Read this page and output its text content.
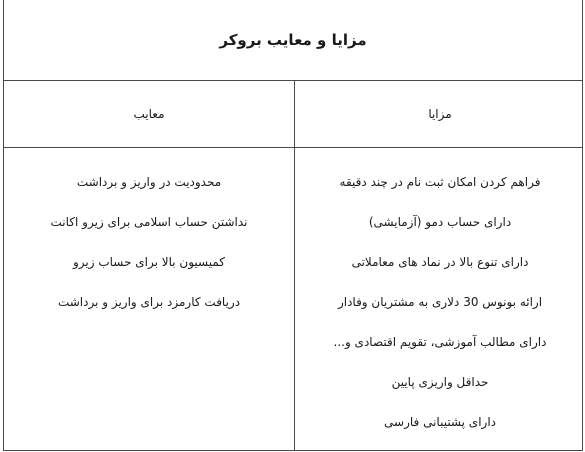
مزایا و معایب بروکر
معایب	مزایا
محدودیت در واریز و برداشت
نداشتن حساب اسلامی برای زیرو اکانت
کمیسیون بالا برای حساب زیرو
دریافت کارمزد برای واریز و برداشت
فراهم کردن امکان ثبت نام در چند دقیقه
دارای حساب دمو (آزمایشی)
دارای تنوع بالا در نماد های معاملاتی
ارائه بونوس 30 دلاری به مشتریان وفادار
دارای مطالب آموزشی، تقویم اقتصادی و...
حداقل واریزی پایین
دارای پشتیبانی فارسی
